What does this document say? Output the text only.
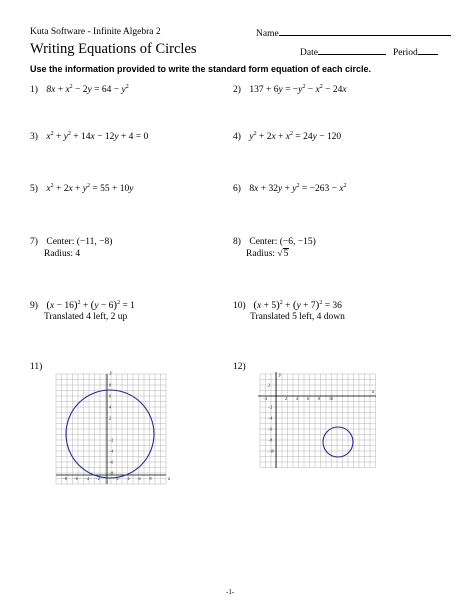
Kuta Software - Infinite Algebra 2	Name
Writing Equations of Circles	Date	Period
Use the information provided to write the standard form equation of each circle.
1) $8x + x^2 - 2y = 64 - y^2$	2) $137 + 6y = -y^2 - x^2 - 24x$
3) $x^2 + y^2 + 14x - 12y + 4 = 0$	4) $y^2 + 2x + x^2 = 24y - 120$
5) $x^2 + 2x + y^2 = 55 + 10y$	6) $8x + 32y + y^2 = -263 - x^2$
7) Center: (−11, −8)
Radius: 4
8) Center: (−6, −15)
Radius: √5
9) $(x - 16)^2 + (y - 6)^2 = 1$
Translated 4 left, 2 up
10) $(x + 5)^2 + (y + 7)^2 = 36$
Translated 5 left, 4 down
11)	12)
−8 −6 −4 −2	2 4 6 8
8
6
4
2
−2
−4
−6
−8
x
y
−2	2 4 6 8 10
2
−2
−4
−6
−8
−10
x
y
-1-
